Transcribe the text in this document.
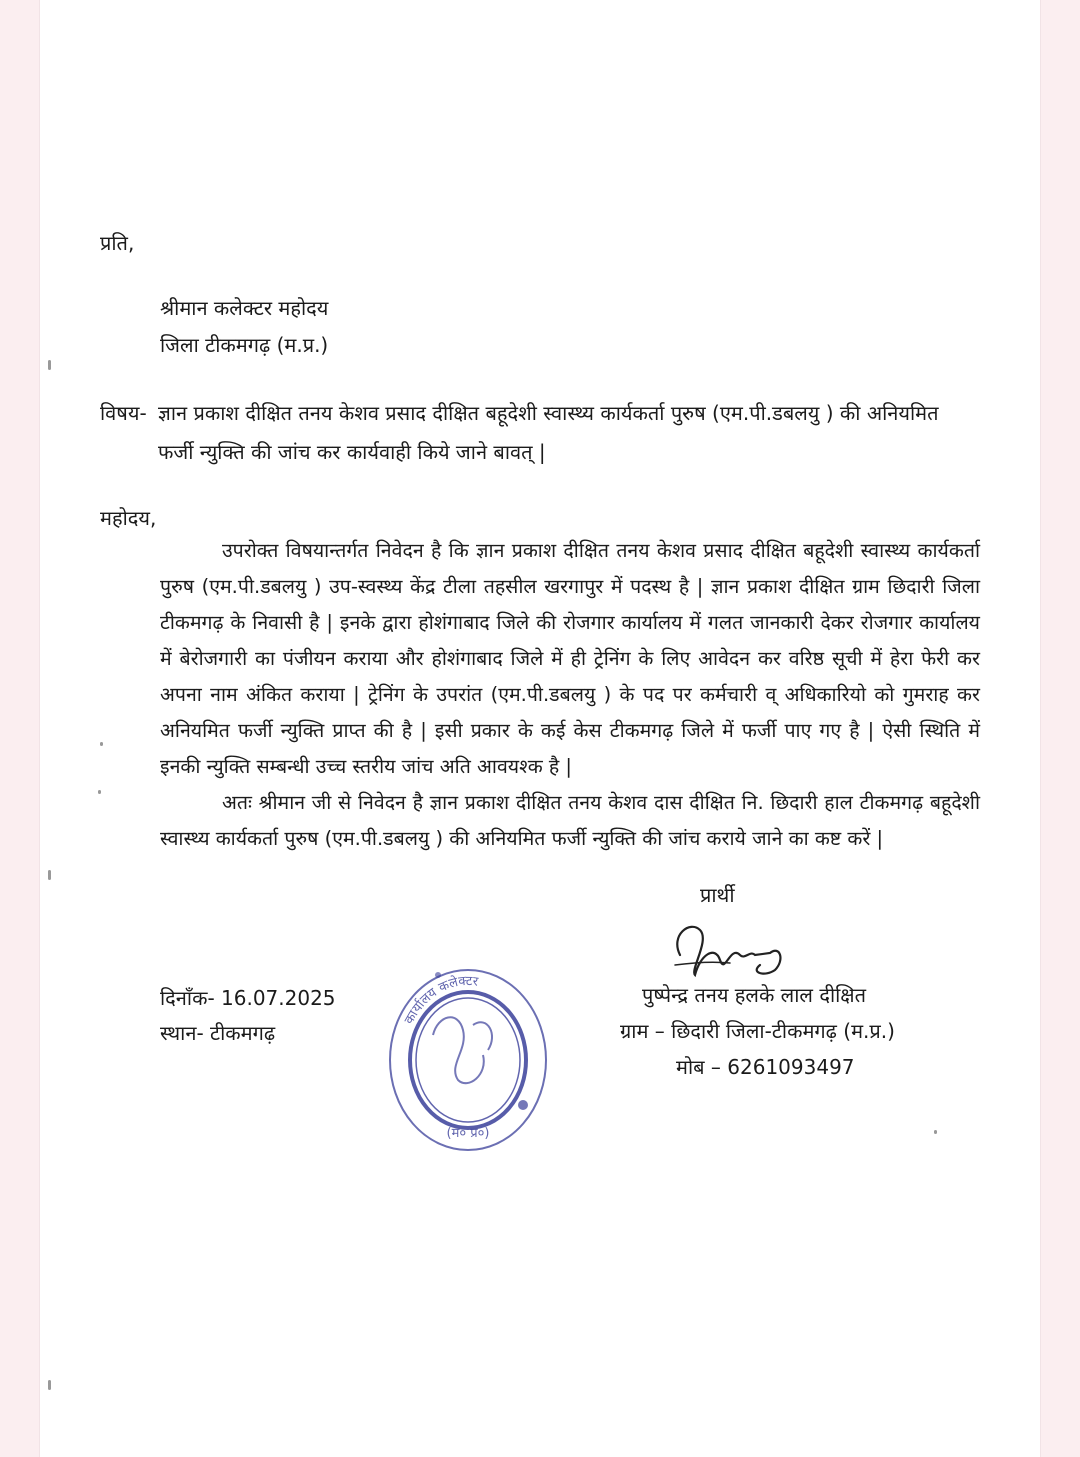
प्रति,
श्रीमान कलेक्टर महोदय
जिला टीकमगढ़ (म.प्र.)
विषय- ज्ञान प्रकाश दीक्षित तनय केशव प्रसाद दीक्षित बहूदेशी स्वास्थ्य कार्यकर्ता पुरुष (एम.पी.डबलयु ) की अनियमित
फर्जी न्युक्ति की जांच कर कार्यवाही किये जाने बावत् |
महोदय,

उपरोक्त विषयान्तर्गत निवेदन है कि ज्ञान प्रकाश दीक्षित तनय केशव प्रसाद दीक्षित बहूदेशी स्वास्थ्य कार्यकर्ता पुरुष (एम.पी.डबलयु ) उप-स्वस्थ्य केंद्र टीला तहसील खरगापुर में पदस्थ है | ज्ञान प्रकाश दीक्षित ग्राम छिदारी जिला टीकमगढ़ के निवासी है | इनके द्वारा होशंगाबाद जिले की रोजगार कार्यालय में गलत जानकारी देकर रोजगार कार्यालय में बेरोजगारी का पंजीयन कराया और होशंगाबाद जिले में ही ट्रेनिंग के लिए आवेदन कर वरिष्ठ सूची में हेरा फेरी कर अपना नाम अंकित कराया | ट्रेनिंग के उपरांत (एम.पी.डबलयु ) के पद पर कर्मचारी व् अधिकारियो को गुमराह कर अनियमित फर्जी न्युक्ति प्राप्त की है | इसी प्रकार के कई केस टीकमगढ़ जिले में फर्जी पाए गए है | ऐसी स्थिति में इनकी न्युक्ति सम्बन्धी उच्च स्तरीय जांच अति आवयश्क है |

अतः श्रीमान जी से निवेदन है ज्ञान प्रकाश दीक्षित तनय केशव दास दीक्षित नि. छिदारी हाल टीकमगढ़ बहूदेशी स्वास्थ्य कार्यकर्ता पुरुष (एम.पी.डबलयु ) की अनियमित फर्जी न्युक्ति की जांच कराये जाने का कष्ट करें |

प्रार्थी
दिनाँक- 16.07.2025
स्थान- टीकमगढ़
पुष्पेन्द्र तनय हलके लाल दीक्षित
ग्राम – छिदारी जिला-टीकमगढ़ (म.प्र.)
मोब – 6261093497
कार्यालय कलेक्टर
(म० प्र०)
